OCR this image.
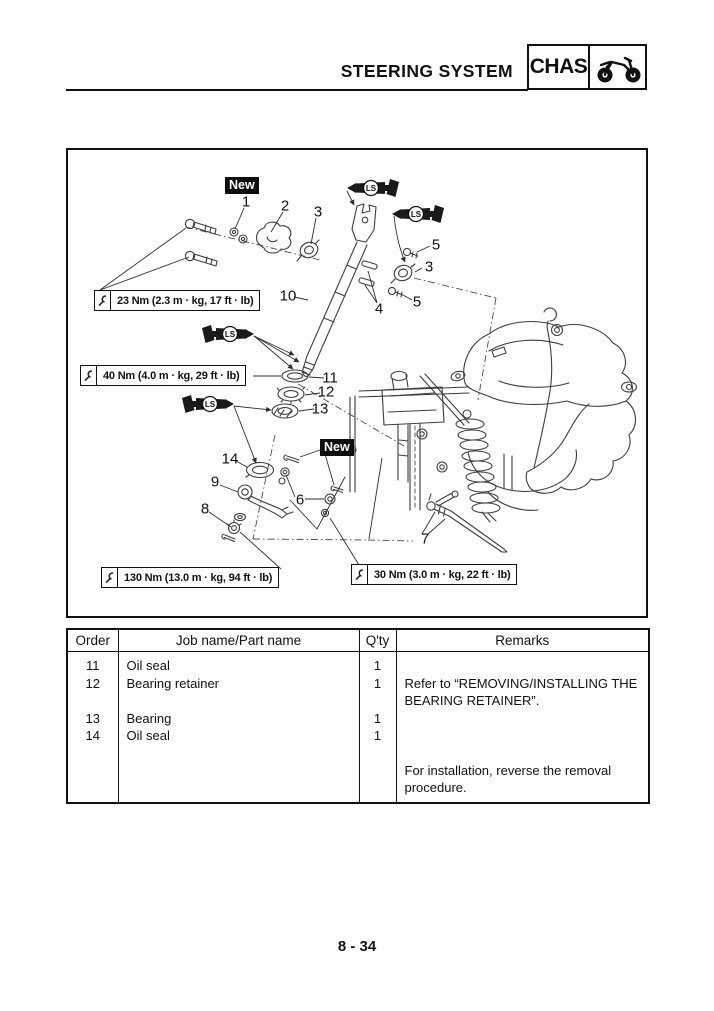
STEERING SYSTEM CHAS
LS
LS
LS
LS
New
New
23 Nm (2.3 m · kg, 17 ft · lb)
40 Nm (4.0 m · kg, 29 ft · lb)
130 Nm (13.0 m · kg, 94 ft · lb)	30 Nm (3.0 m · kg, 22 ft · lb)
1 2 3
5
3
5
4
10
11
12
13
14
9
6
8
7
Order	Job name/Part name	Q'ty	Remarks
11	Oil seal	1	
12	Bearing retainer	1	Refer to “REMOVING/INSTALLING THE BEARING RETAINER”.
13	Bearing	1	
14	Oil seal	1	
			For installation, reverse the removal procedure.
8 - 34
